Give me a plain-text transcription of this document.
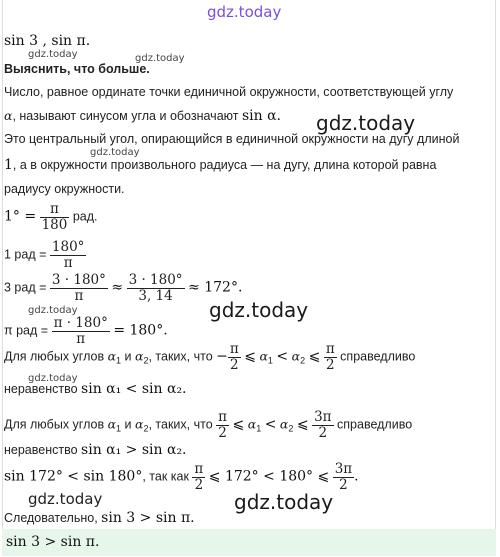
gdz.today
gdz.today	gdz.today
gdz.today
gdz.today
gdz.today
gdz.today
gdz.today
gdz.today	gdz.today
sin 3 , sin π.
Выяснить, что больше.
Число, равное ординате точки единичной окружности, соответствующей углу
α, называют синусом угла и обозначают sin α.
Это центральный угол, опирающийся в единичной окружности на дугу длиной
1, а в окружности произвольного радиуса — на дугу, длина которой равна
радиусу окружности.
$1^\circ = \frac{\pi}{180}$ рад.
1 рад = $\frac{180^\circ}{\pi}$
3 рад = $\frac{3 \cdot 180^\circ}{\pi} \approx \frac{3 \cdot 180^\circ}{3, 14} \approx 172^\circ$.
π рад = $\frac{\pi \cdot 180^\circ}{\pi} = 180^\circ$.
Для любых углов $\alpha_1$ и $\alpha_2$, таких, что − $\frac{\pi}{2}$ ⩽ $\alpha_1 < \alpha_2$ ⩽ $\frac{\pi}{2}$ справедливо
неравенство sin α₁ < sin α₂.
Для любых углов $\alpha_1$ и $\alpha_2$, таких, что $\frac{\pi}{2}$ ⩽ $\alpha_1 < \alpha_2$ ⩽ $\frac{3\pi}{2}$ справедливо
неравенство sin α₁ > sin α₂.
sin 172° < sin 180°, так как $\frac{\pi}{2}$ ⩽ 172° < 180° ⩽ $\frac{3\pi}{2}$ .
Следовательно, sin 3 > sin π.
sin 3 > sin π.
